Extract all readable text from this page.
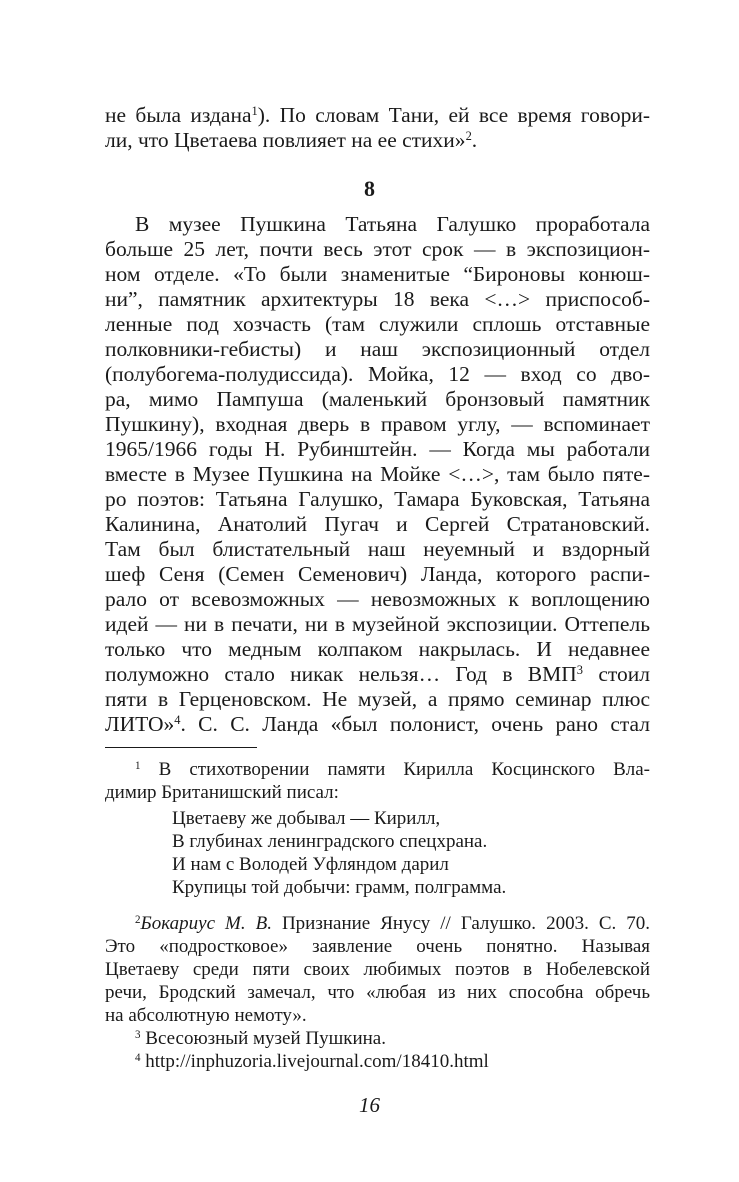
не была издана$^1$). По словам Тани, ей все время говори-
ли, что Цветаева повлияет на ее стихи»$^2$.
8
В музее Пушкина Татьяна Галушко проработала
больше 25 лет, почти весь этот срок — в экспозицион-
ном отделе. «То были знаменитые “Бироновы конюш-
ни”, памятник архитектуры 18 века <…> приспособ-
ленные под хозчасть (там служили сплошь отставные
полковники-гебисты) и наш экспозиционный отдел
(полубогема-полудиссида). Мойка, 12 — вход со дво-
ра, мимо Пампуша (маленький бронзовый памятник
Пушкину), входная дверь в правом углу, — вспоминает
1965/1966 годы Н. Рубинштейн. — Когда мы работали
вместе в Музее Пушкина на Мойке <…>, там было пяте-
ро поэтов: Татьяна Галушко, Тамара Буковская, Татьяна
Калинина, Анатолий Пугач и Сергей Стратановский.
Там был блистательный наш неуемный и вздорный
шеф Сеня (Семен Семенович) Ланда, которого распи-
рало от всевозможных — невозможных к воплощению
идей — ни в печати, ни в музейной экспозиции. Оттепель
только что медным колпаком накрылась. И недавнее
полуможно стало никак нельзя… Год в ВМП$^3$ стоил
пяти в Герценовском. Не музей, а прямо семинар плюс
ЛИТО»$^4$. С. С. Ланда «был полонист, очень рано стал
$^1$ В стихотворении памяти Кирилла Косцинского Вла-
димир Британишский писал:
Цветаеву же добывал — Кирилл,
В глубинах ленинградского спецхрана.
И нам с Володей Уфляндом дарил
Крупицы той добычи: грамм, полграмма.
$^2$Бокариус М. В. Признание Янусу // Галушко. 2003. С. 70.
Это «подростковое» заявление очень понятно. Называя
Цветаеву среди пяти своих любимых поэтов в Нобелевской
речи, Бродский замечал, что «любая из них способна обречь
на абсолютную немоту».
$^3$ Всесоюзный музей Пушкина.
$^4$ http://inphuzoria.livejournal.com/18410.html
16
